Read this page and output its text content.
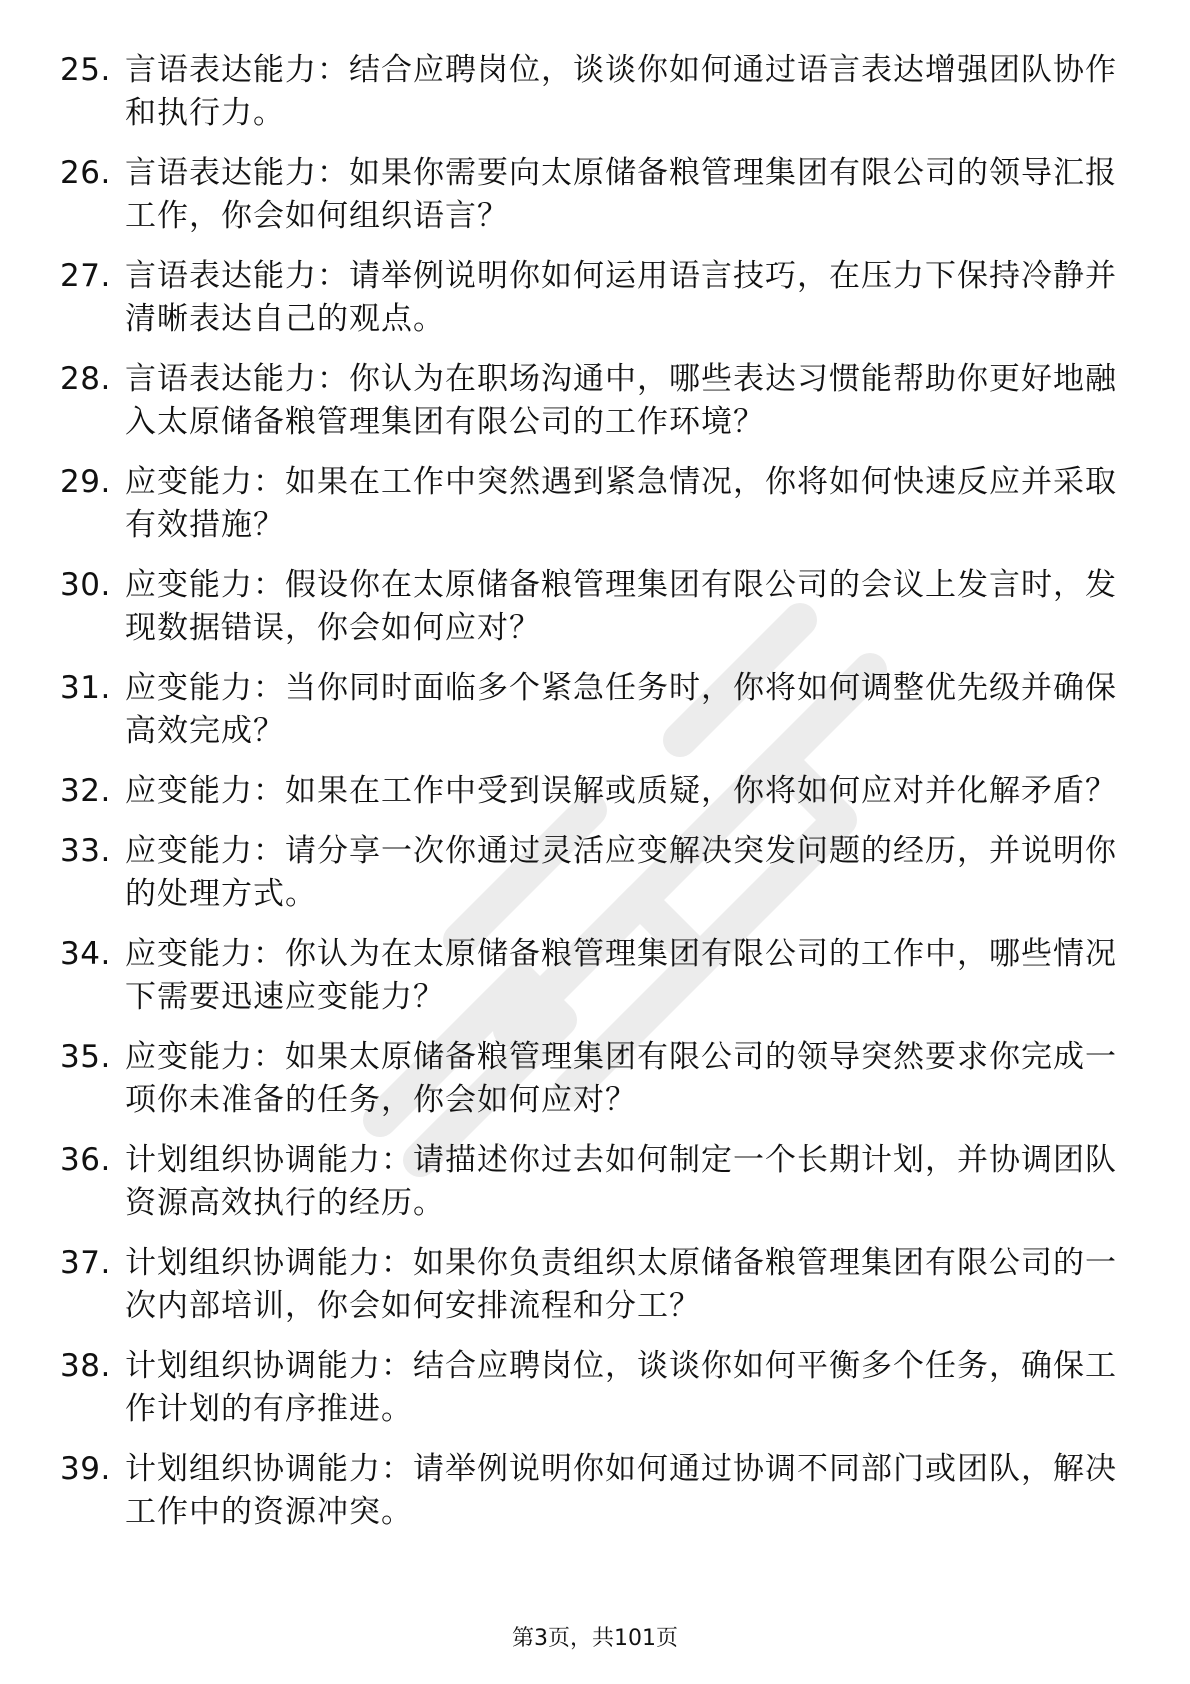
25. 言语表达能力：结合应聘岗位，谈谈你如何通过语言表达增强团队协作和执行力。
26. 言语表达能力：如果你需要向太原储备粮管理集团有限公司的领导汇报工作，你会如何组织语言？
27. 言语表达能力：请举例说明你如何运用语言技巧，在压力下保持冷静并清晰表达自己的观点。
28. 言语表达能力：你认为在职场沟通中，哪些表达习惯能帮助你更好地融入太原储备粮管理集团有限公司的工作环境？
29. 应变能力：如果在工作中突然遇到紧急情况，你将如何快速反应并采取有效措施？
30. 应变能力：假设你在太原储备粮管理集团有限公司的会议上发言时，发现数据错误，你会如何应对？
31. 应变能力：当你同时面临多个紧急任务时，你将如何调整优先级并确保高效完成？
32. 应变能力：如果在工作中受到误解或质疑，你将如何应对并化解矛盾？
33. 应变能力：请分享一次你通过灵活应变解决突发问题的经历，并说明你的处理方式。
34. 应变能力：你认为在太原储备粮管理集团有限公司的工作中，哪些情况下需要迅速应变能力？
35. 应变能力：如果太原储备粮管理集团有限公司的领导突然要求你完成一项你未准备的任务，你会如何应对？
36. 计划组织协调能力：请描述你过去如何制定一个长期计划，并协调团队资源高效执行的经历。
37. 计划组织协调能力：如果你负责组织太原储备粮管理集团有限公司的一次内部培训，你会如何安排流程和分工？
38. 计划组织协调能力：结合应聘岗位，谈谈你如何平衡多个任务，确保工作计划的有序推进。
39. 计划组织协调能力：请举例说明你如何通过协调不同部门或团队，解决工作中的资源冲突。
第3页，共101页
